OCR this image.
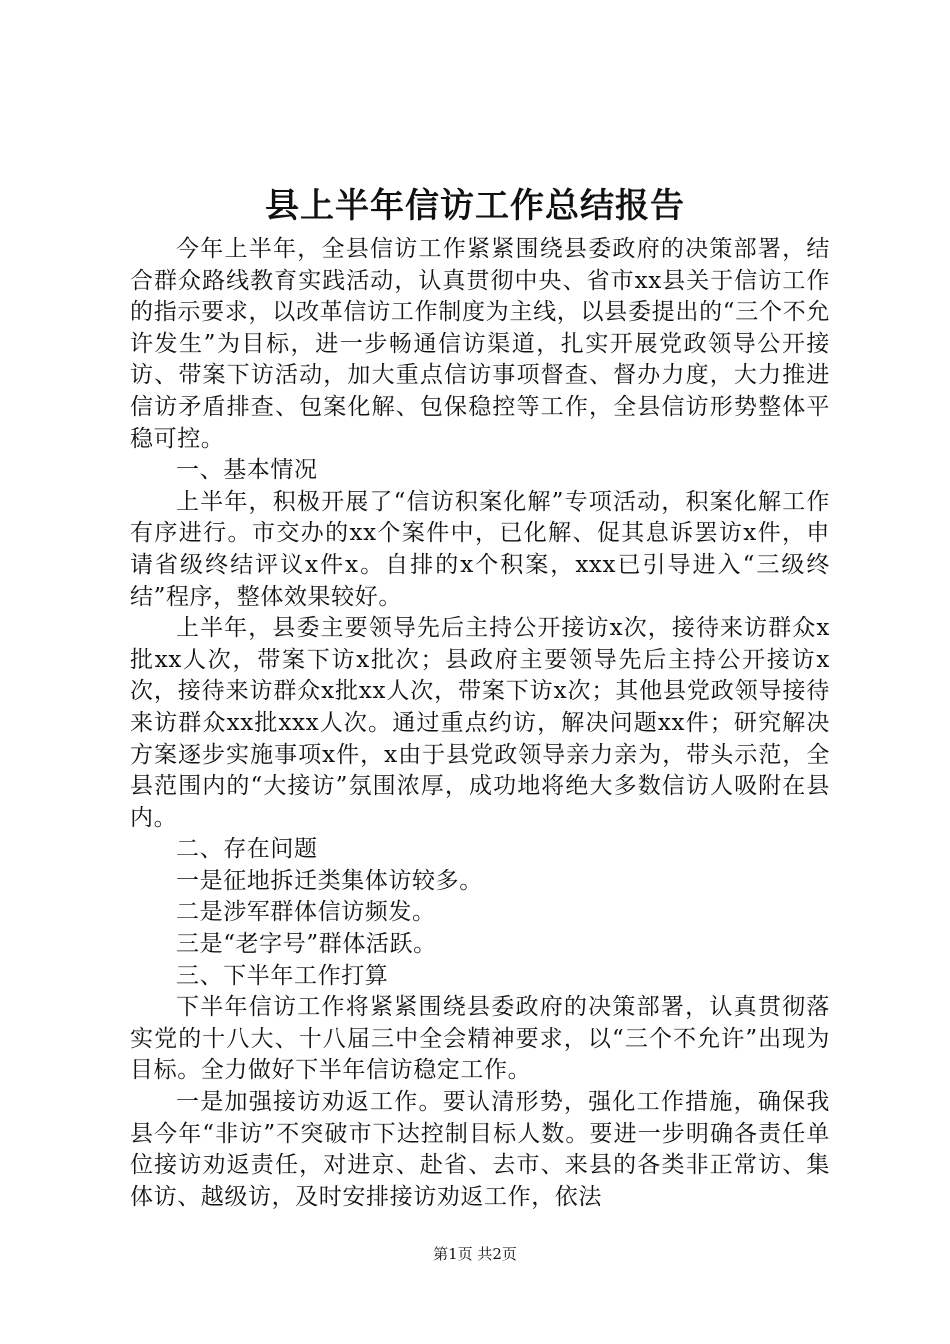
县上半年信访工作总结报告

今年上半年，全县信访工作紧紧围绕县委政府的决策部署，结合群众路线教育实践活动，认真贯彻中央、省市xx县关于信访工作的指示要求，以改革信访工作制度为主线，以县委提出的“三个不允许发生”为目标，进一步畅通信访渠道，扎实开展党政领导公开接访、带案下访活动，加大重点信访事项督查、督办力度，大力推进信访矛盾排查、包案化解、包保稳控等工作，全县信访形势整体平稳可控。

一、基本情况

上半年，积极开展了“信访积案化解”专项活动，积案化解工作有序进行。市交办的xx个案件中，已化解、促其息诉罢访x件，申请省级终结评议x件x。自排的x个积案，xxx已引导进入“三级终结”程序，整体效果较好。

上半年，县委主要领导先后主持公开接访x次，接待来访群众x批xx人次，带案下访x批次；县政府主要领导先后主持公开接访x次，接待来访群众x批xx人次，带案下访x次；其他县党政领导接待来访群众xx批xxx人次。通过重点约访，解决问题xx件；研究解决方案逐步实施事项x件，x由于县党政领导亲力亲为，带头示范，全县范围内的“大接访”氛围浓厚，成功地将绝大多数信访人吸附在县内。

二、存在问题

一是征地拆迁类集体访较多。

二是涉军群体信访频发。

三是“老字号”群体活跃。

三、下半年工作打算

下半年信访工作将紧紧围绕县委政府的决策部署，认真贯彻落实党的十八大、十八届三中全会精神要求，以“三个不允许”出现为目标。全力做好下半年信访稳定工作。

一是加强接访劝返工作。要认清形势，强化工作措施，确保我县今年“非访”不突破市下达控制目标人数。要进一步明确各责任单位接访劝返责任，对进京、赴省、去市、来县的各类非正常访、集体访、越级访，及时安排接访劝返工作，依法

第1页 共2页
